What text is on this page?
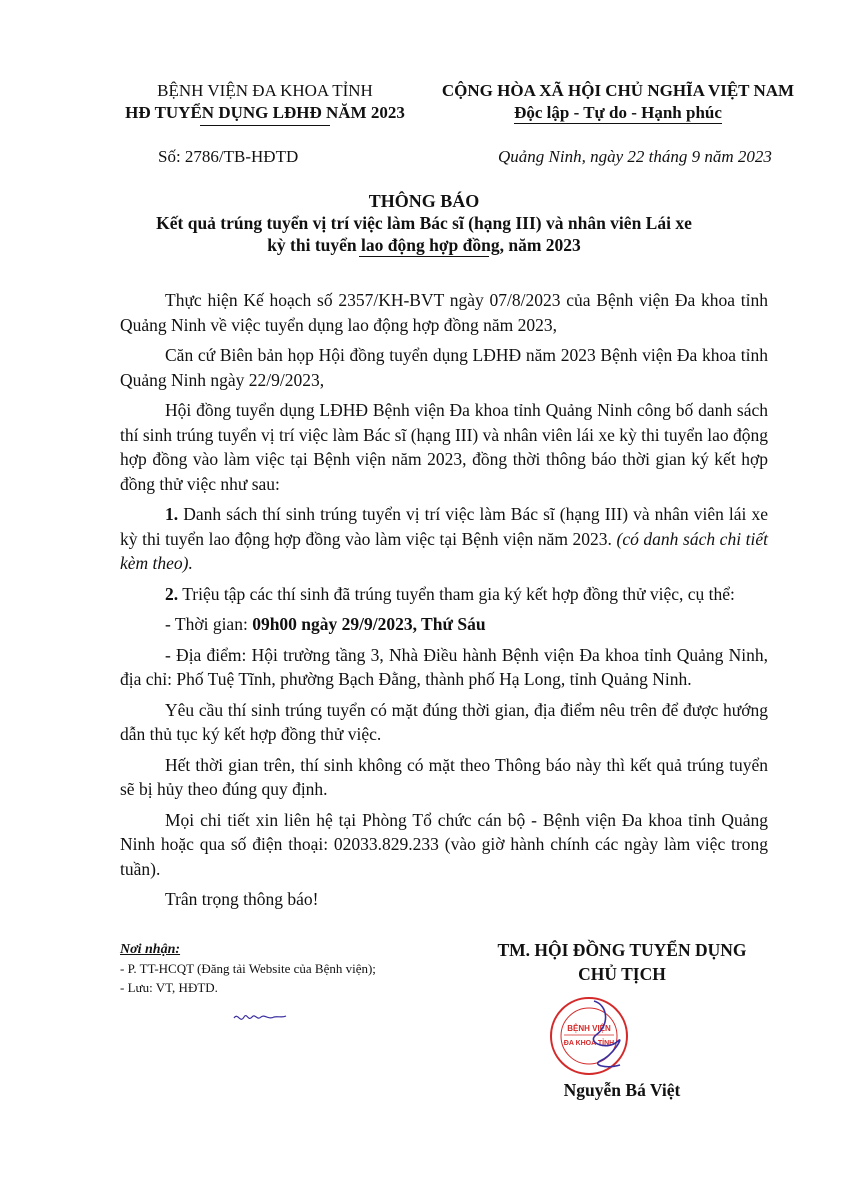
BỆNH VIỆN ĐA KHOA TỈNH
HĐ TUYỂN DỤNG LĐHĐ NĂM 2023
CỘNG HÒA XÃ HỘI CHỦ NGHĨA VIỆT NAM
Độc lập - Tự do - Hạnh phúc
Số: 2786/TB-HĐTD	Quảng Ninh, ngày 22 tháng 9 năm 2023
THÔNG BÁO
Kết quả trúng tuyển vị trí việc làm Bác sĩ (hạng III) và nhân viên Lái xe
kỳ thi tuyển lao động hợp đồng, năm 2023

Thực hiện Kế hoạch số 2357/KH-BVT ngày 07/8/2023 của Bệnh viện Đa khoa tỉnh Quảng Ninh về việc tuyển dụng lao động hợp đồng năm 2023,

Căn cứ Biên bản họp Hội đồng tuyển dụng LĐHĐ năm 2023 Bệnh viện Đa khoa tỉnh Quảng Ninh ngày 22/9/2023,

Hội đồng tuyển dụng LĐHĐ Bệnh viện Đa khoa tỉnh Quảng Ninh công bố danh sách thí sinh trúng tuyển vị trí việc làm Bác sĩ (hạng III) và nhân viên lái xe kỳ thi tuyển lao động hợp đồng vào làm việc tại Bệnh viện năm 2023, đồng thời thông báo thời gian ký kết hợp đồng thử việc như sau:

1. Danh sách thí sinh trúng tuyển vị trí việc làm Bác sĩ (hạng III) và nhân viên lái xe kỳ thi tuyển lao động hợp đồng vào làm việc tại Bệnh viện năm 2023. (có danh sách chi tiết kèm theo).

2. Triệu tập các thí sinh đã trúng tuyển tham gia ký kết hợp đồng thử việc, cụ thể:

- Thời gian: 09h00 ngày 29/9/2023, Thứ Sáu

- Địa điểm: Hội trường tầng 3, Nhà Điều hành Bệnh viện Đa khoa tỉnh Quảng Ninh, địa chỉ: Phố Tuệ Tĩnh, phường Bạch Đằng, thành phố Hạ Long, tỉnh Quảng Ninh.

Yêu cầu thí sinh trúng tuyển có mặt đúng thời gian, địa điểm nêu trên để được hướng dẫn thủ tục ký kết hợp đồng thử việc.

Hết thời gian trên, thí sinh không có mặt theo Thông báo này thì kết quả trúng tuyển sẽ bị hủy theo đúng quy định.

Mọi chi tiết xin liên hệ tại Phòng Tổ chức cán bộ - Bệnh viện Đa khoa tỉnh Quảng Ninh hoặc qua số điện thoại: 02033.829.233 (vào giờ hành chính các ngày làm việc trong tuần).

Trân trọng thông báo!

Nơi nhận:
- P. TT-HCQT (Đăng tải Website của Bệnh viện);
- Lưu: VT, HĐTD.
TM. HỘI ĐỒNG TUYỂN DỤNG
CHỦ TỊCH
BỆNH VIỆN
ĐA KHOA TỈNH
Nguyễn Bá Việt
